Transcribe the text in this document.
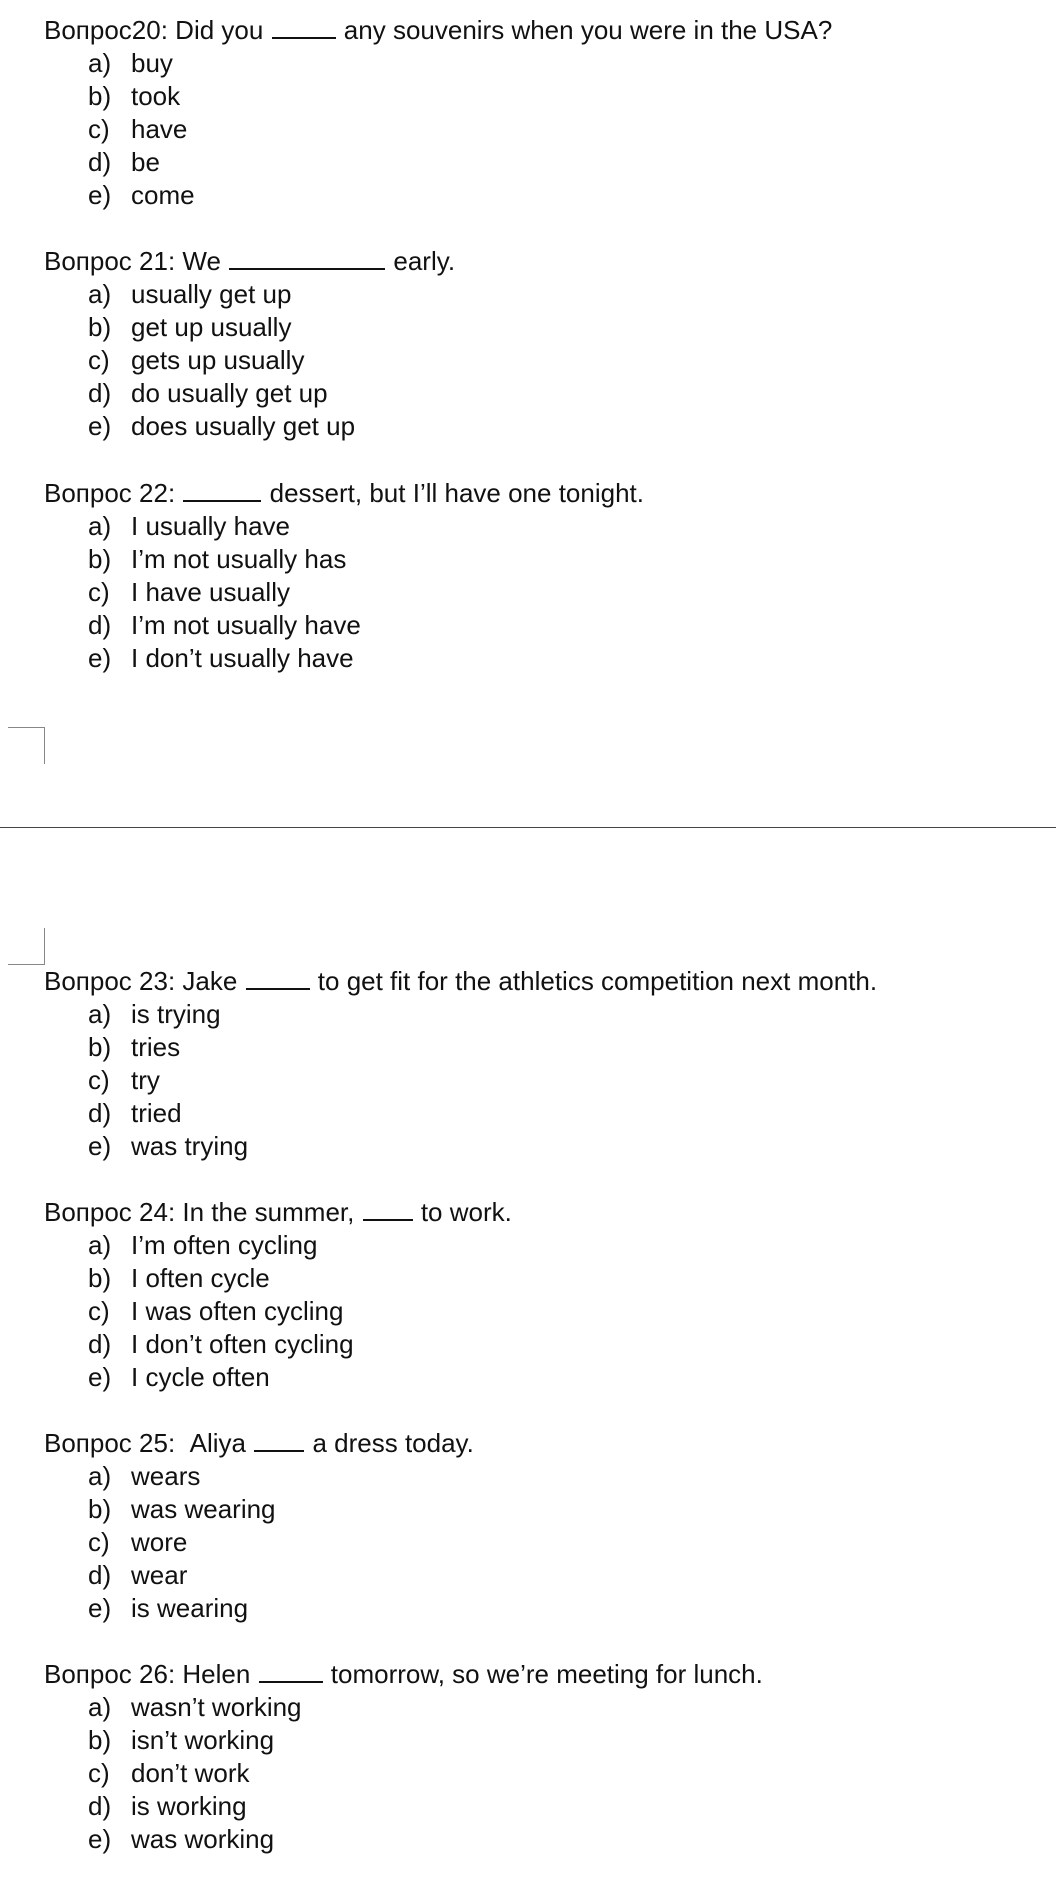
Вопрос20: Did you	any souvenirs when you were in the USA?
a) buy
b) took
c) have
d) be
e) come
Вопрос 21: We	early.
a) usually get up
b) get up usually
c) gets up usually
d) do usually get up
e) does usually get up
Вопрос 22:	dessert, but I’ll have one tonight.
a) I usually have
b) I’m not usually has
c) I have usually
d) I’m not usually have
e) I don’t usually have
Вопрос 23: Jake	to get fit for the athletics competition next month.
a) is trying
b) tries
c) try
d) tried
e) was trying
Вопрос 24: In the summer,	to work.
a) I’m often cycling
b) I often cycle
c) I was often cycling
d) I don’t often cycling
e) I cycle often
Вопрос 25:  Aliya	a dress today.
a) wears
b) was wearing
c) wore
d) wear
e) is wearing
Вопрос 26: Helen	tomorrow, so we’re meeting for lunch.
a) wasn’t working
b) isn’t working
c) don’t work
d) is working
e) was working
